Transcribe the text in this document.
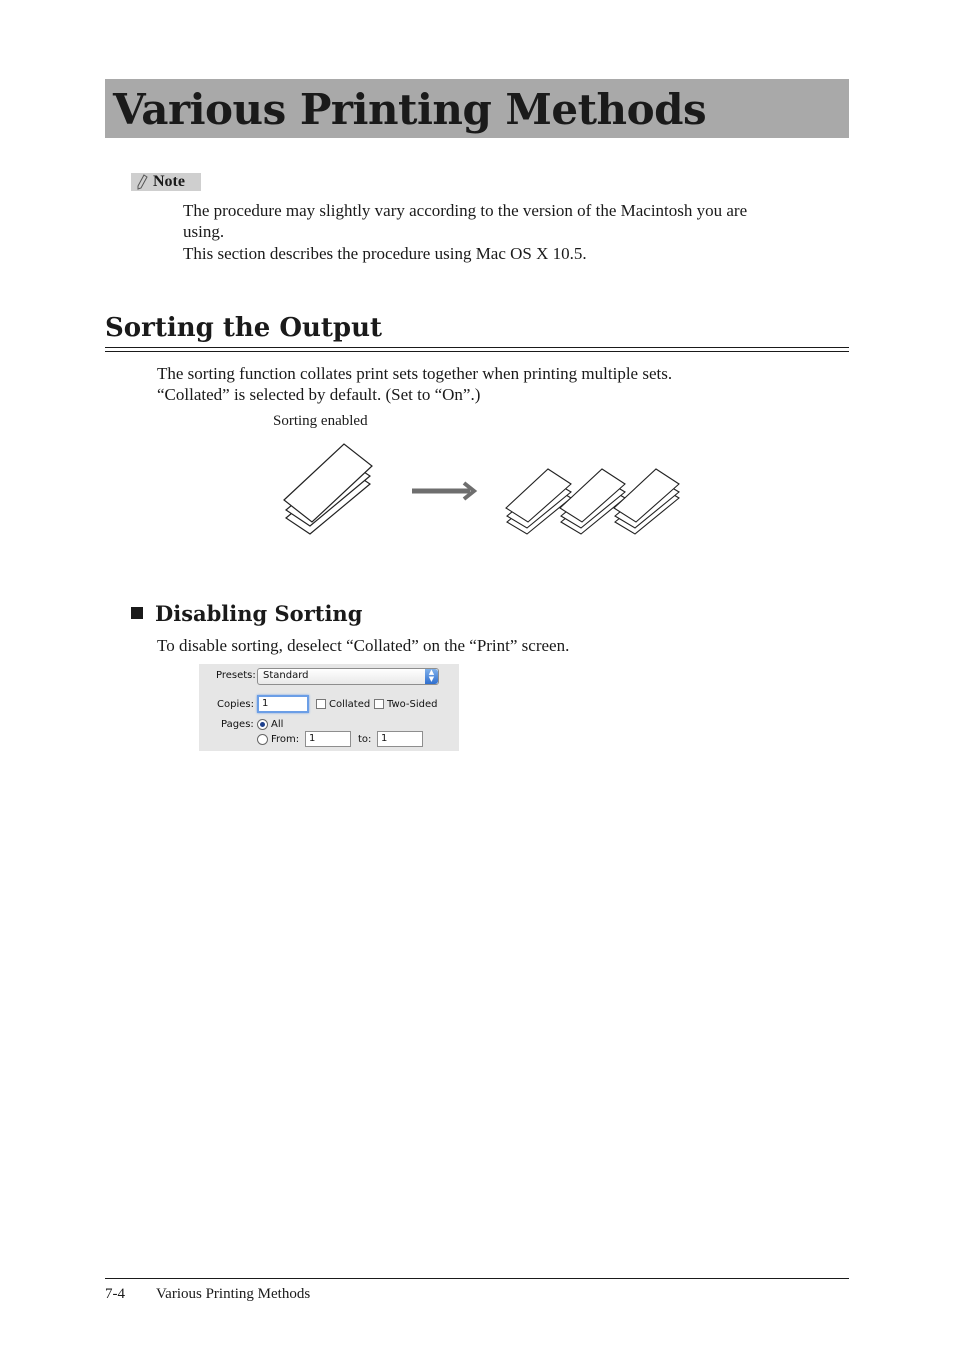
Various Printing Methods
Note
The procedure may slightly vary according to the version of the Macintosh you are
using.
This section describes the procedure using Mac OS X 10.5.
Sorting the Output
The sorting function collates print sets together when printing multiple sets.
“Collated” is selected by default. (Set to “On”.)
Sorting enabled
Disabling Sorting
To disable sorting, deselect “Collated” on the “Print” screen.
Presets: Standard	▲
▼
Copies: 1	Collated Two-Sided
Pages: All
From: 1	to: 1
7-4 Various Printing Methods
